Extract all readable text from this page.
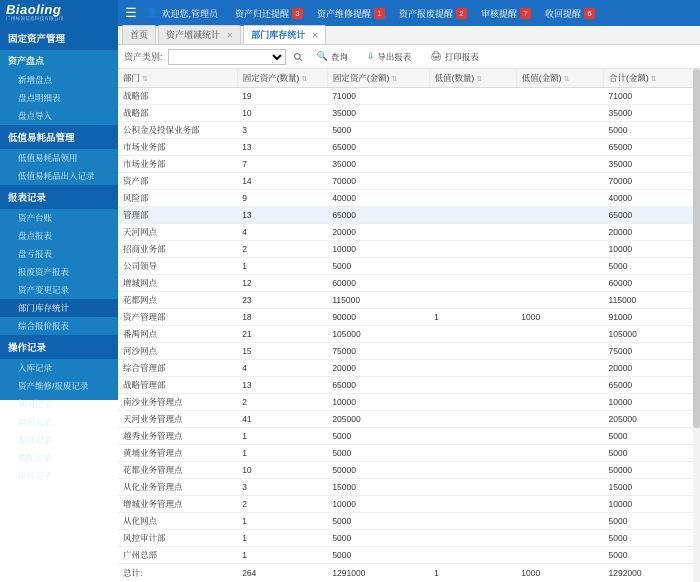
Biaoling
广州标领信息科技有限公司	☰ 👤 欢迎您,管理员 资产归还提醒 3	资产维修提醒 1	资产报废提醒 2	审核提醒 7	收回提醒 6
固定资产管理
资产盘点
新增盘点
盘点明细表
盘点导入
低值易耗品管理
低值易耗品领用
低值易耗品出入记录
报表记录
资产台账
盘点报表
盘亏报表
报废资产报表
资产变更记录
部门库存统计
综合报价报表
操作记录
入库记录
资产维修/报废记录
领用记录
借用记录
退回记录
调配记录
审核记录
首页	资产增减统计 ✕	部门库存统计 ✕
资产类别:	🔍 查询 ⇩ 导出报表 🖨 打印报表
部门 ⇅	固定资产(数量) ⇅	固定资产(金额) ⇅	低值(数量) ⇅	低值(金额) ⇅	合计(金额) ⇅
战略部	19	71000			71000
战略部	10	35000			35000
公积金及投保业务部	3	5000			5000
市场业务部	13	65000			65000
市场业务部	7	35000			35000
资产部	14	70000			70000
风险部	9	40000			40000
管理部	13	65000			65000
天河网点	4	20000			20000
招商业务部	2	10000			10000
公司领导	1	5000			5000
增城网点	12	60000			60000
花都网点	23	115000			115000
资产管理部	18	90000	1	1000	91000
番禺网点	21	105000			105000
河沙网点	15	75000			75000
综合管理部	4	20000			20000
战略管理部	13	65000			65000
南沙业务管理点	2	10000			10000
天河业务管理点	41	205000			205000
越秀业务管理点	1	5000			5000
黄埔业务管理点	1	5000			5000
花都业务管理点	10	50000			50000
从化业务管理点	3	15000			15000
增城业务管理点	2	10000			10000
从化网点	1	5000			5000
风控审计部	1	5000			5000
广州总部	1	5000			5000
总计:	264	1291000	1	1000	1292000
